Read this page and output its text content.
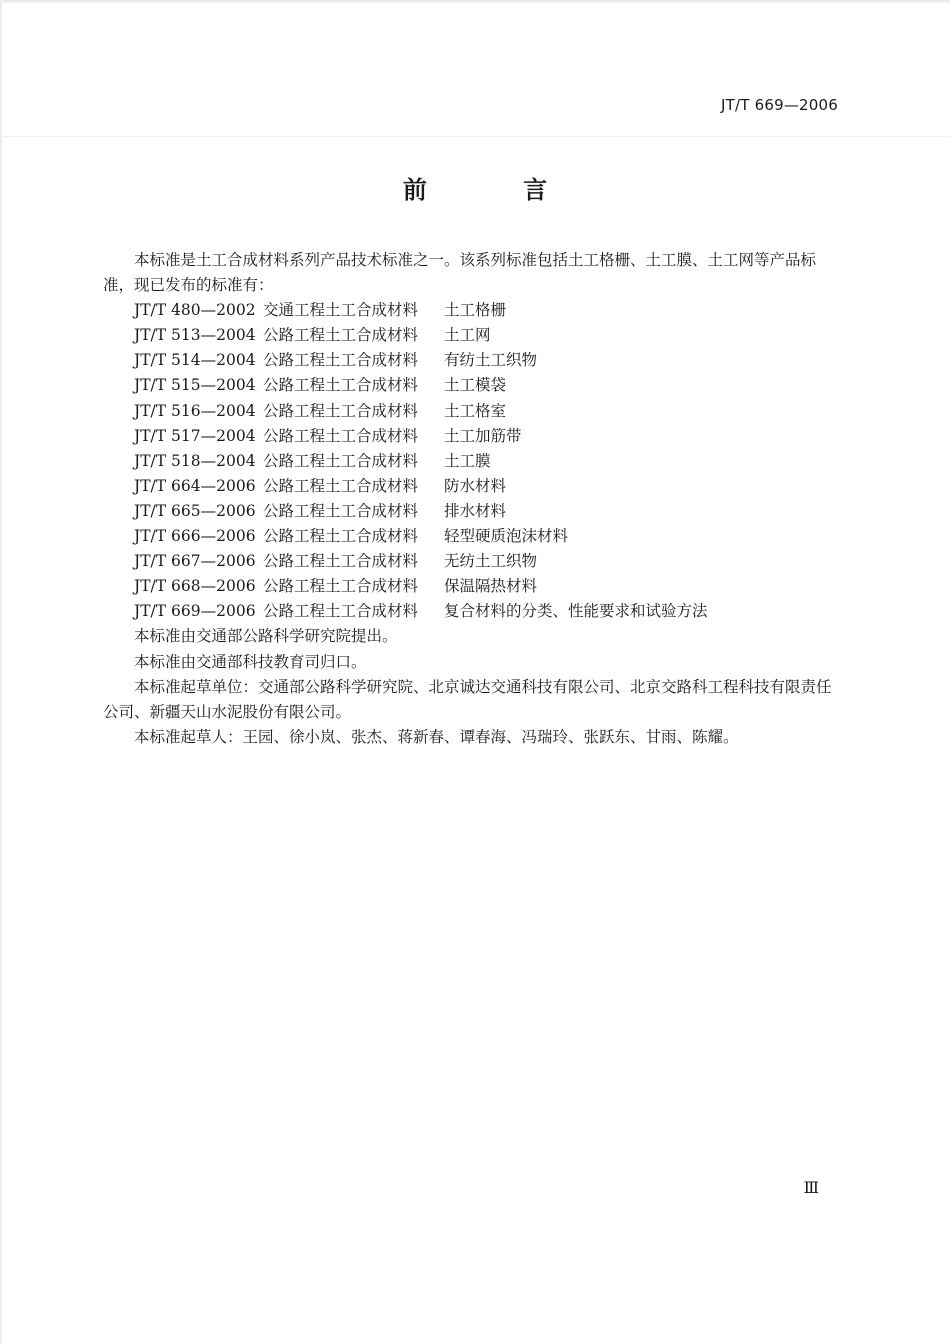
JT/T 669—2006
前 言

本标准是土工合成材料系列产品技术标准之一。该系列标准包括土工格栅、土工膜、土工网等产品标准，现已发布的标准有：

JT/T 480—2002 交通工程土工合成材料	土工格栅
JT/T 513—2004 公路工程土工合成材料	土工网
JT/T 514—2004 公路工程土工合成材料	有纺土工织物
JT/T 515—2004 公路工程土工合成材料	土工模袋
JT/T 516—2004 公路工程土工合成材料	土工格室
JT/T 517—2004 公路工程土工合成材料	土工加筋带
JT/T 518—2004 公路工程土工合成材料	土工膜
JT/T 664—2006 公路工程土工合成材料	防水材料
JT/T 665—2006 公路工程土工合成材料	排水材料
JT/T 666—2006 公路工程土工合成材料	轻型硬质泡沫材料
JT/T 667—2006 公路工程土工合成材料	无纺土工织物
JT/T 668—2006 公路工程土工合成材料	保温隔热材料
JT/T 669—2006 公路工程土工合成材料	复合材料的分类、性能要求和试验方法

本标准由交通部公路科学研究院提出。

本标准由交通部科技教育司归口。

本标准起草单位：交通部公路科学研究院、北京诚达交通科技有限公司、北京交路科工程科技有限责任公司、新疆天山水泥股份有限公司。

本标准起草人：王园、徐小岚、张杰、蒋新春、谭春海、冯瑞玲、张跃东、甘雨、陈耀。

Ⅲ
